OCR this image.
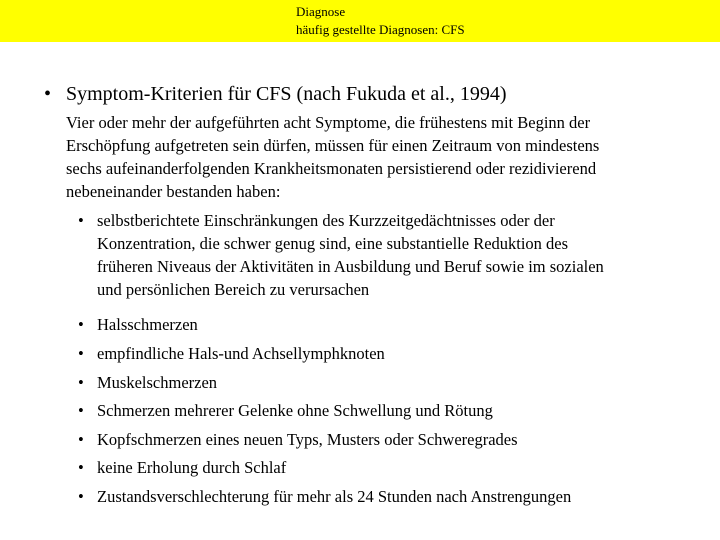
Diagnose
häufig gestellte Diagnosen: CFS
• Symptom-Kriterien für CFS (nach Fukuda et al., 1994)
Vier oder mehr der aufgeführten acht Symptome, die frühestens mit Beginn der
Erschöpfung aufgetreten sein dürfen, müssen für einen Zeitraum von mindestens
sechs aufeinanderfolgenden Krankheitsmonaten persistierend oder rezidivierend
nebeneinander bestanden haben:
• selbstberichtete Einschränkungen des Kurzzeitgedächtnisses oder der
Konzentration, die schwer genug sind, eine substantielle Reduktion des
früheren Niveaus der Aktivitäten in Ausbildung und Beruf sowie im sozialen
und persönlichen Bereich zu verursachen
• Halsschmerzen
• empfindliche Hals-und Achsellymphknoten
• Muskelschmerzen
• Schmerzen mehrerer Gelenke ohne Schwellung und Rötung
• Kopfschmerzen eines neuen Typs, Musters oder Schweregrades
• keine Erholung durch Schlaf
• Zustandsverschlechterung für mehr als 24 Stunden nach Anstrengungen
